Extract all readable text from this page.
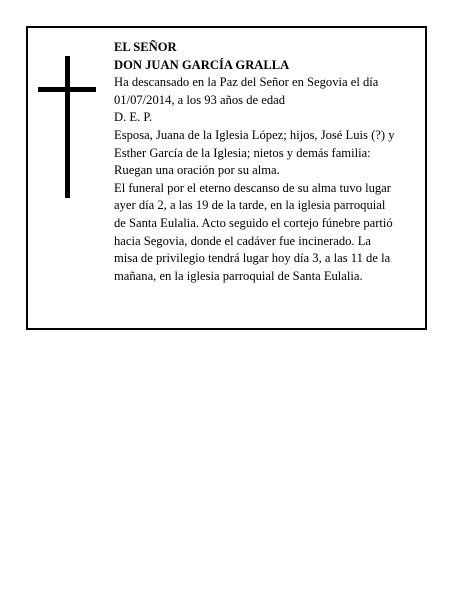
EL SEÑOR

DON JUAN GARCÍA GRALLA

Ha descansado en la Paz del Señor en Segovia el día

01/07/2014, a los 93 años de edad

D. E. P.

Esposa, Juana de la Iglesia López; hijos, José Luis (?) y

Esther García de la Iglesia; nietos y demás familia:

Ruegan una oración por su alma.

El funeral por el eterno descanso de su alma tuvo lugar

ayer día 2, a las 19 de la tarde, en la iglesia parroquial

de Santa Eulalia. Acto seguido el cortejo fúnebre partió

hacia Segovia, donde el cadáver fue incinerado. La

misa de privilegio tendrá lugar hoy día 3, a las 11 de la

mañana, en la iglesia parroquial de Santa Eulalia.
